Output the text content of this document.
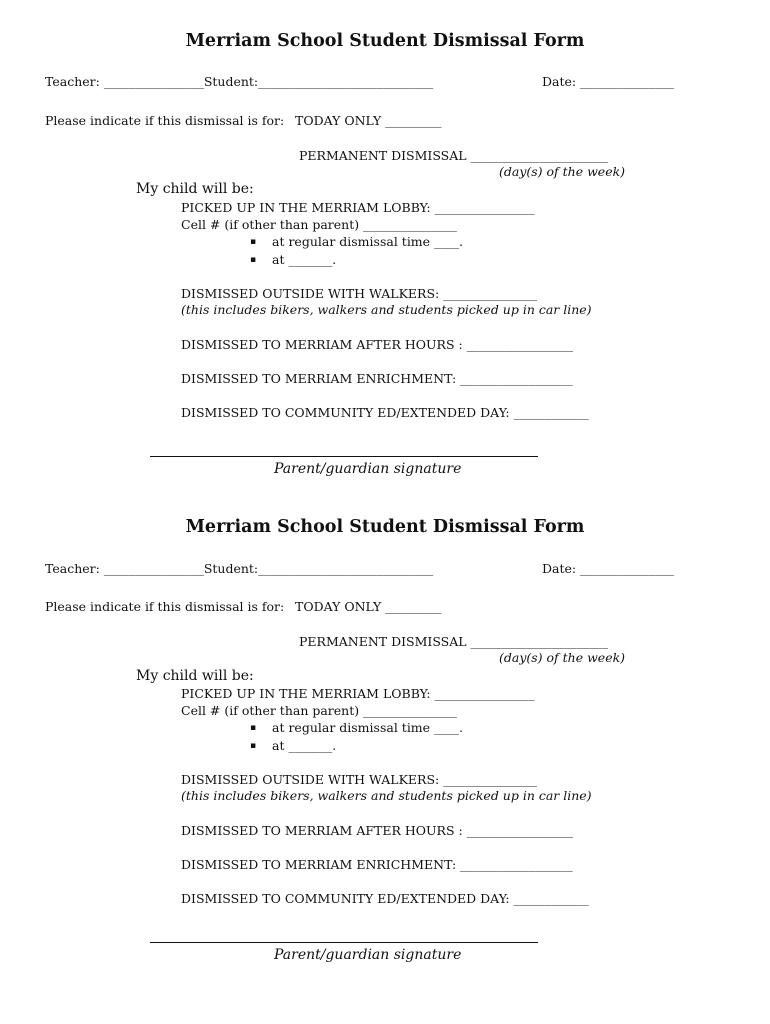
Merriam School Student Dismissal Form
Teacher: ________________Student:____________________________	Date: _______________
Please indicate if this dismissal is for: TODAY ONLY _________
PERMANENT DISMISSAL ______________________
(day(s) of the week)
My child will be:
PICKED UP IN THE MERRIAM LOBBY: ________________
Cell # (if other than parent) _______________
▪ at regular dismissal time ____.
▪ at _______.
DISMISSED OUTSIDE WITH WALKERS: _______________
(this includes bikers, walkers and students picked up in car line)
DISMISSED TO MERRIAM AFTER HOURS : _________________
DISMISSED TO MERRIAM ENRICHMENT: __________________
DISMISSED TO COMMUNITY ED/EXTENDED DAY: ____________
Parent/guardian signature
Merriam School Student Dismissal Form
Teacher: ________________Student:____________________________	Date: _______________
Please indicate if this dismissal is for: TODAY ONLY _________
PERMANENT DISMISSAL ______________________
(day(s) of the week)
My child will be:
PICKED UP IN THE MERRIAM LOBBY: ________________
Cell # (if other than parent) _______________
▪ at regular dismissal time ____.
▪ at _______.
DISMISSED OUTSIDE WITH WALKERS: _______________
(this includes bikers, walkers and students picked up in car line)
DISMISSED TO MERRIAM AFTER HOURS : _________________
DISMISSED TO MERRIAM ENRICHMENT: __________________
DISMISSED TO COMMUNITY ED/EXTENDED DAY: ____________
Parent/guardian signature
